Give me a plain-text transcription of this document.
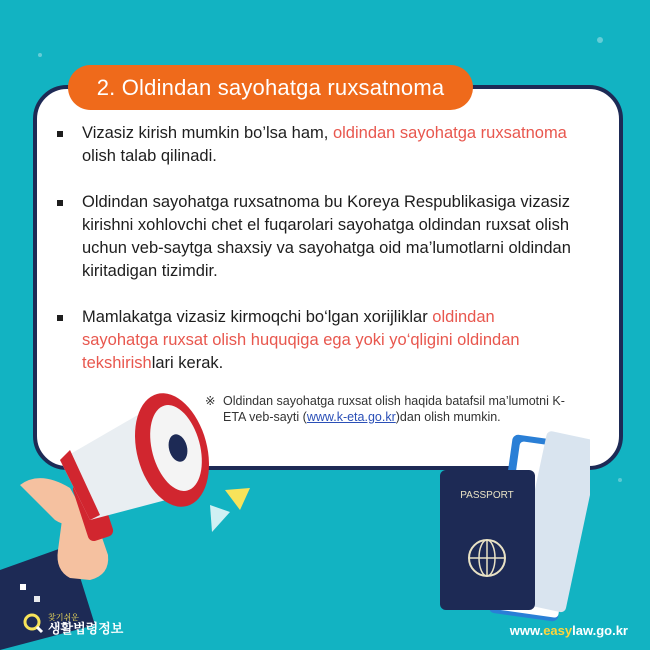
2. Oldindan sayohatga ruxsatnoma
Vizasiz kirish mumkin bo’lsa ham, oldindan sayohatga ruxsatnoma olish talab qilinadi.
Oldindan sayohatga ruxsatnoma bu Koreya Respublikasiga vizasiz kirishni xohlovchi chet el fuqarolari sayohatga oldindan ruxsat olish uchun veb-saytga shaxsiy va sayohatga oid ma’lumotlarni oldindan kiritadigan tizimdir.
Mamlakatga vizasiz kirmoqchi bo‘lgan xorijliklar oldindan sayohatga ruxsat olish huquqiga ega yoki yo‘qligini oldindan tekshirishlari kerak.
※ Oldindan sayohatga ruxsat olish haqida batafsil ma’lumotni K-ETA veb-sayti (www.k-eta.go.kr)dan olish mumkin.
PASSPORT
찾기쉬운
생활법령정보	www.easylaw.go.kr
